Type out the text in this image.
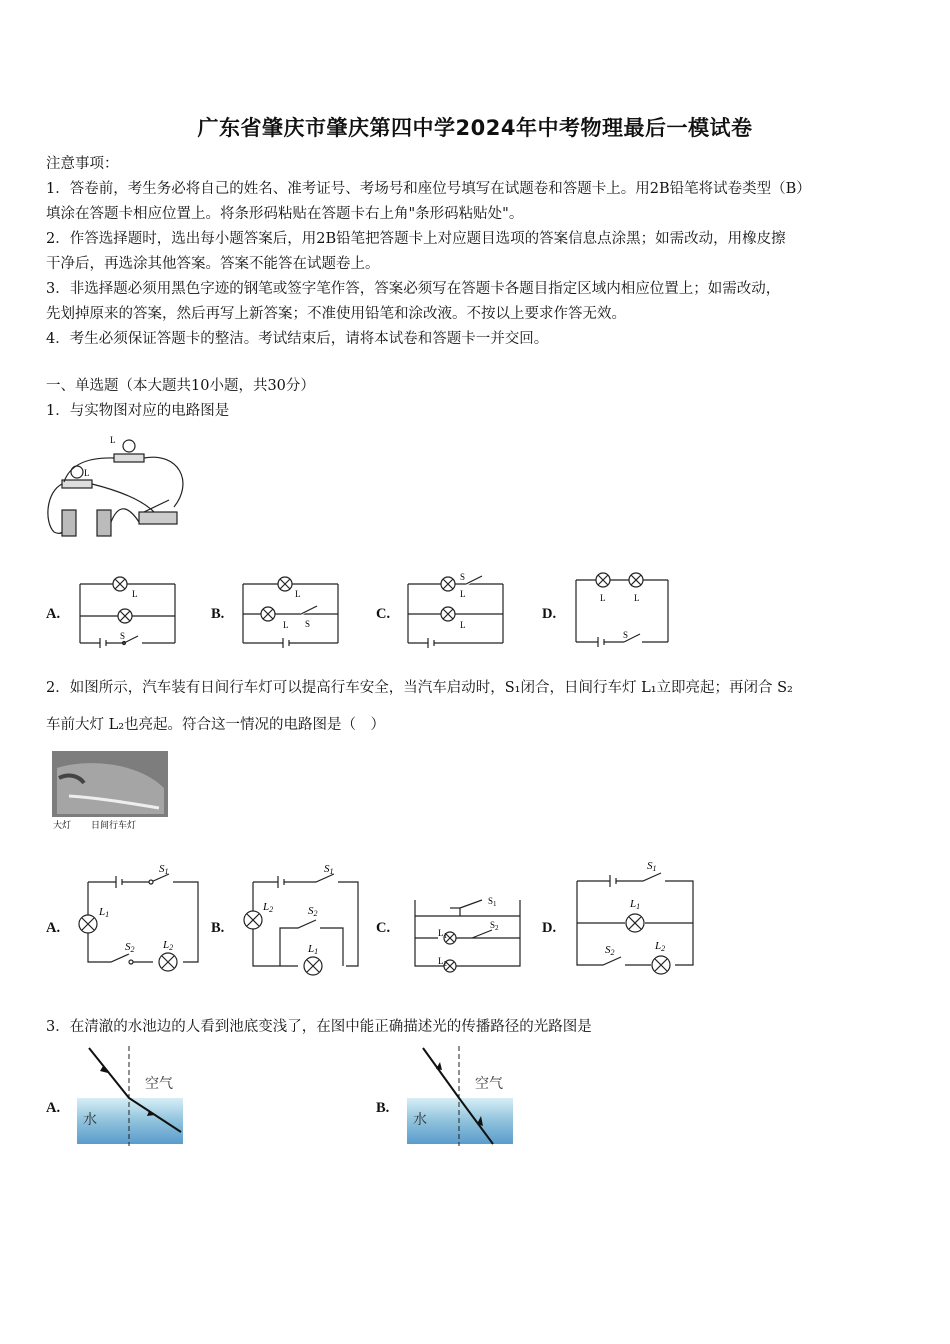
广东省肇庆市肇庆第四中学2024年中考物理最后一模试卷

注意事项：

1．答卷前，考生务必将自己的姓名、准考证号、考场号和座位号填写在试题卷和答题卡上。用2B铅笔将试卷类型（B）

填涂在答题卡相应位置上。将条形码粘贴在答题卡右上角"条形码粘贴处"。

2．作答选择题时，选出每小题答案后，用2B铅笔把答题卡上对应题目选项的答案信息点涂黑；如需改动，用橡皮擦

干净后，再选涂其他答案。答案不能答在试题卷上。

3．非选择题必须用黑色字迹的钢笔或签字笔作答，答案必须写在答题卡各题目指定区域内相应位置上；如需改动，

先划掉原来的答案，然后再写上新答案；不准使用铅笔和涂改液。不按以上要求作答无效。

4．考生必须保证答题卡的整洁。考试结束后，请将本试卷和答题卡一并交回。

一、单选题（本大题共10小题，共30分）
1．与实物图对应的电路图是
L
L
A.
L
S
B.
L
L S
C.
S
L
L
D.
L	L
S
2．如图所示，汽车装有日间行车灯可以提高行车安全，当汽车启动时，S₁闭合，日间行车灯 L₁立即亮起；再闭合 S₂
车前大灯 L₂也亮起。符合这一情况的电路图是（　）
大灯 日间行车灯
A.
S1
L1
S2	L2
B.
S1
L2	S2
L1
C.
$S_1$
$S_2$
$L_1$
$L_2$
D.
S1
L1
S2
L2
3．在清澈的水池边的人看到池底变浅了，在图中能正确描述光的传播路径的光路图是
A.
空气
水
B.
空气
水
